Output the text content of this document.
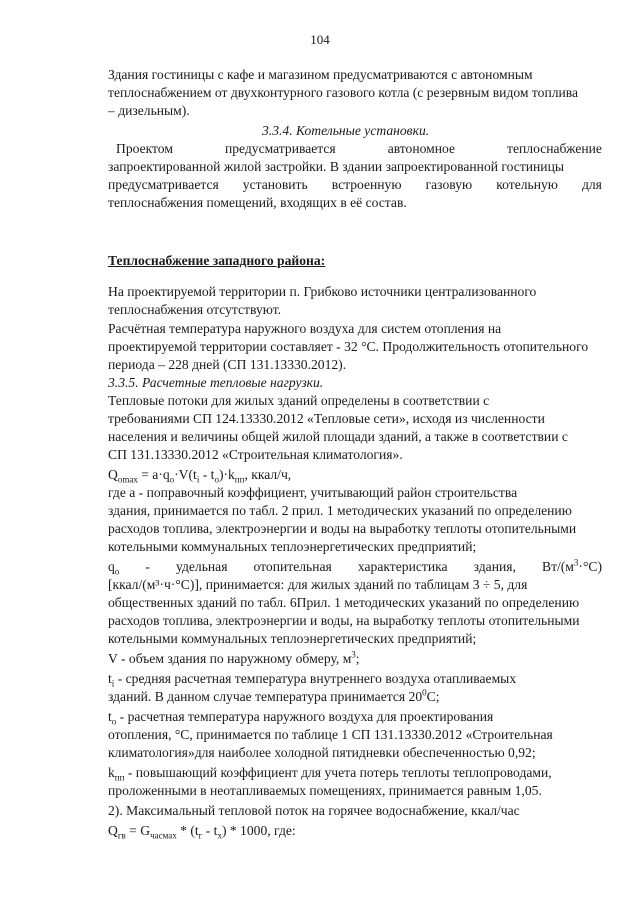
104
Здания гостиницы с кафе и магазином предусматриваются с автономным
теплоснабжением от двухконтурного газового котла (с резервным видом топлива
– дизельным).
3.3.4. Котельные установки.
Проектом	предусматривается	автономное	теплоснабжение
запроектированной жилой застройки. В здании запроектированной гостиницы
предусматривается установить встроенную газовую котельную для
теплоснабжения помещений, входящих в её состав.
Теплоснабжение западного района:
На проектируемой территории п. Грибково источники централизованного
теплоснабжения отсутствуют.
Расчётная температура наружного воздуха для систем отопления на
проектируемой территории составляет - 32 °С. Продолжительность отопительного
периода – 228 дней (СП 131.13330.2012).
3.3.5. Расчетные тепловые нагрузки.
Тепловые потоки для жилых зданий определены в соответствии с
требованиями СП 124.13330.2012 «Тепловые сети», исходя из численности
населения и величины общей жилой площади зданий, а также в соответствии с
СП 131.13330.2012 «Строительная климатология».
$Q_{omax} = a\cdot q_o\cdot V(t_i - t_o)\cdot k_{пп}$, ккал/ч,
где а - поправочный коэффициент, учитывающий район строительства
здания, принимается по табл. 2 прил. 1 методических указаний по определению
расходов топлива, электроэнергии и воды на выработку теплоты отопительными
котельными коммунальных теплоэнергетических предприятий;
$q_o$ - удельная отопительная характеристика здания, $Вт/(м^3\cdot^\circ С)$
[ккал/(м³·ч·°С)], принимается: для жилых зданий по таблицам 3 ÷ 5, для
общественных зданий по табл. 6Прил. 1 методических указаний по определению
расходов топлива, электроэнергии и воды, на выработку теплоты отопительными
котельными коммунальных теплоэнергетических предприятий;
V - объем здания по наружному обмеру, $м^3$;
$t_i$ - средняя расчетная температура внутреннего воздуха отапливаемых
зданий. В данном случае температура принимается $20^0С$;
$t_o$ - расчетная температура наружного воздуха для проектирования
отопления, °С, принимается по таблице 1 СП 131.13330.2012 «Строительная
климатология»для наиболее холодной пятидневки обеспеченностью 0,92;
$k_{пп}$ - повышающий коэффициент для учета потерь теплоты теплопроводами,
проложенными в неотапливаемых помещениях, принимается равным 1,05.
2). Максимальный тепловой поток на горячее водоснабжение, ккал/час
$Q_{гв} = G_{часмах} * (t_г - t_х) * 1000$, где:
